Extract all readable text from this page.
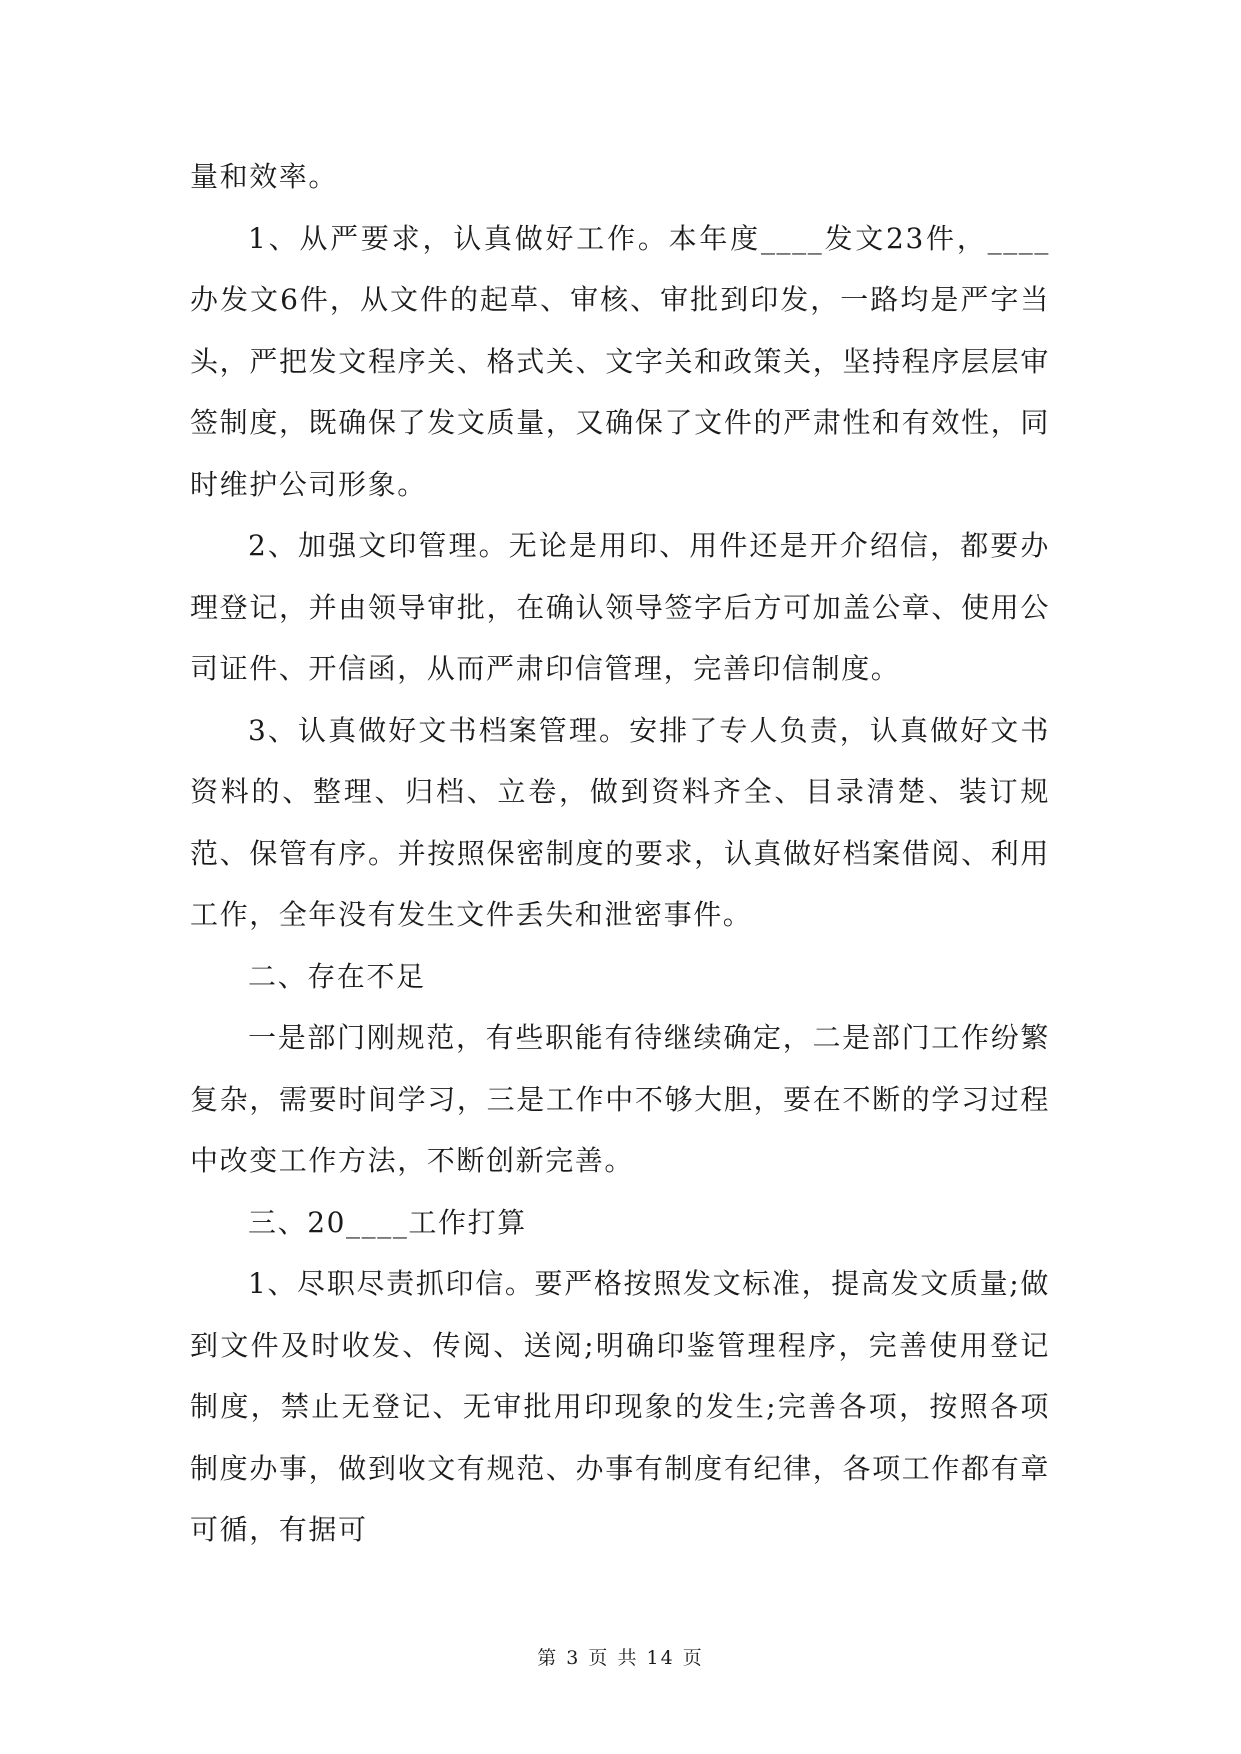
量和效率。

1、从严要求，认真做好工作。本年度____发文23件，____办发文6件，从文件的起草、审核、审批到印发，一路均是严字当头，严把发文程序关、格式关、文字关和政策关，坚持程序层层审签制度，既确保了发文质量，又确保了文件的严肃性和有效性，同时维护公司形象。

2、加强文印管理。无论是用印、用件还是开介绍信，都要办理登记，并由领导审批，在确认领导签字后方可加盖公章、使用公司证件、开信函，从而严肃印信管理，完善印信制度。

3、认真做好文书档案管理。安排了专人负责，认真做好文书资料的、整理、归档、立卷，做到资料齐全、目录清楚、装订规范、保管有序。并按照保密制度的要求，认真做好档案借阅、利用工作，全年没有发生文件丢失和泄密事件。

二、存在不足

一是部门刚规范，有些职能有待继续确定，二是部门工作纷繁复杂，需要时间学习，三是工作中不够大胆，要在不断的学习过程中改变工作方法，不断创新完善。

三、20____工作打算

1、尽职尽责抓印信。要严格按照发文标准，提高发文质量;做到文件及时收发、传阅、送阅;明确印鉴管理程序，完善使用登记制度，禁止无登记、无审批用印现象的发生;完善各项，按照各项制度办事，做到收文有规范、办事有制度有纪律，各项工作都有章可循，有据可

第 3 页 共 14 页
